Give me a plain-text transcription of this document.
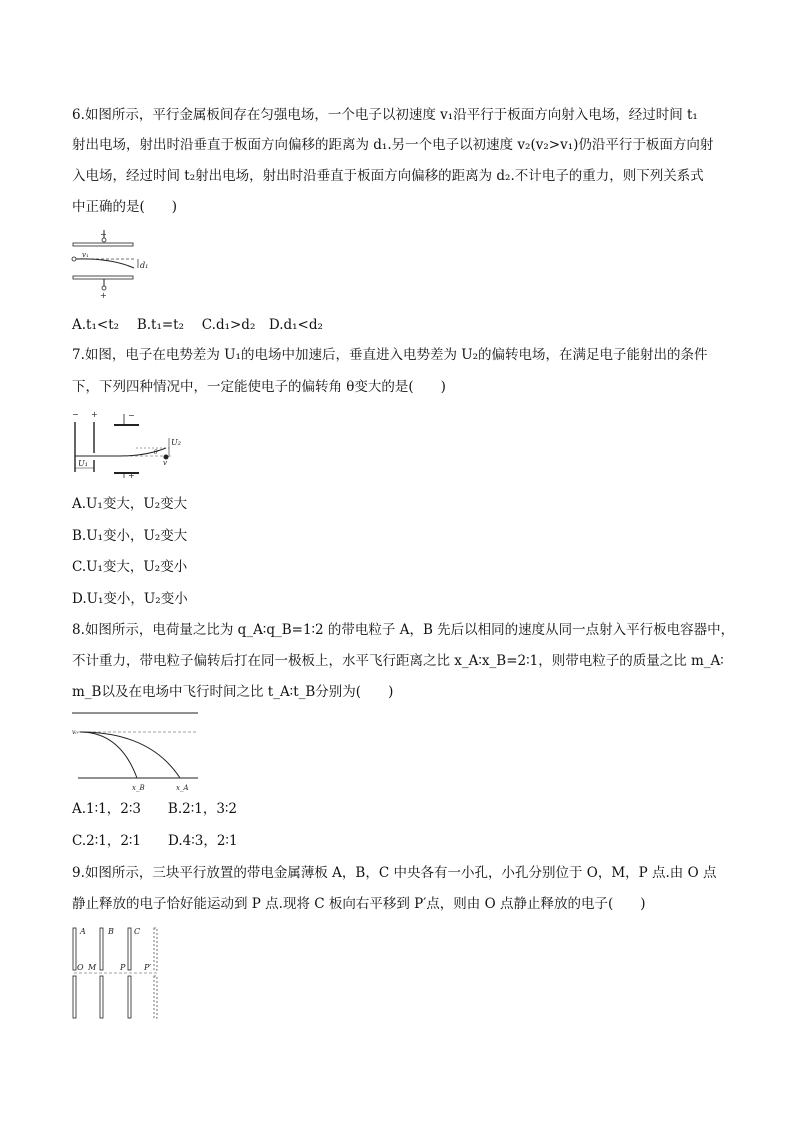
6.如图所示，平行金属板间存在匀强电场，一个电子以初速度 v₁沿平行于板面方向射入电场，经过时间 t₁
射出电场，射出时沿垂直于板面方向偏移的距离为 d₁.另一个电子以初速度 v₂(v₂>v₁)仍沿平行于板面方向射
入电场，经过时间 t₂射出电场，射出时沿垂直于板面方向偏移的距离为 d₂.不计电子的重力，则下列关系式
中正确的是(　　)
−
v₁
d₁
+
A.t₁<t₂　 B.t₁=t₂　 C.d₁>d₂　D.d₁<d₂
7.如图，电子在电势差为 U₁的电场中加速后，垂直进入电势差为 U₂的偏转电场，在满足电子能射出的条件
下，下列四种情况中，一定能使电子的偏转角 θ变大的是(　　)
− +	−
U₂
θ
v
U₁
+
A.U₁变大，U₂变大
B.U₁变小，U₂变大
C.U₁变大，U₂变小
D.U₁变小，U₂变小
8.如图所示，电荷量之比为 q_A∶q_B=1∶2 的带电粒子 A，B 先后以相同的速度从同一点射入平行板电容器中，
不计重力，带电粒子偏转后打在同一极板上，水平飞行距离之比 x_A∶x_B=2∶1，则带电粒子的质量之比 m_A∶
m_B以及在电场中飞行时间之比 t_A∶t_B分别为(　　)
v₀
x_B	x_A
A.1∶1，2∶3　　B.2∶1，3∶2
C.2∶1，2∶1　　D.4∶3，2∶1
9.如图所示，三块平行放置的带电金属薄板 A，B，C 中央各有一小孔，小孔分别位于 O，M，P 点.由 O 点
静止释放的电子恰好能运动到 P 点.现将 C 板向右平移到 P′点，则由 O 点静止释放的电子(　　)
A	B	C
O M	P P′
